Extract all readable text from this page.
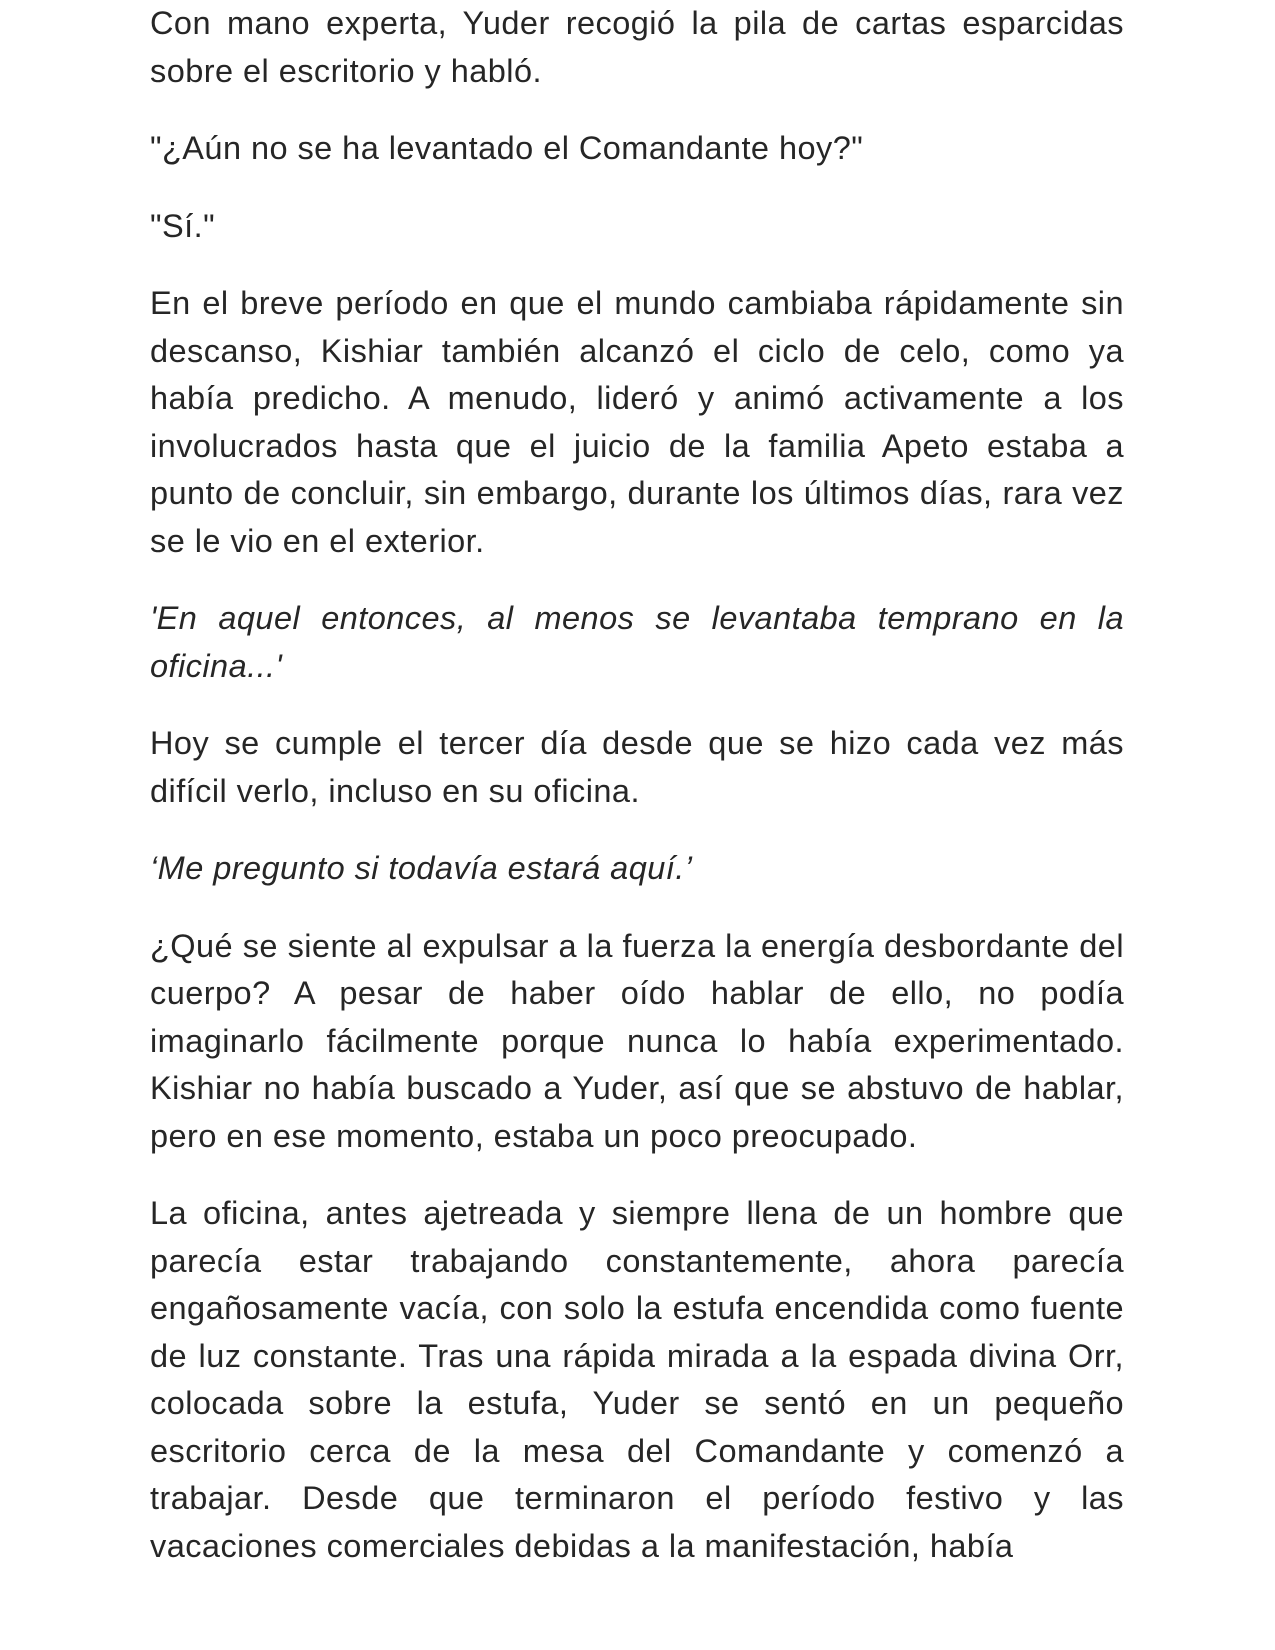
Con mano experta, Yuder recogió la pila de cartas esparcidas sobre el escritorio y habló.

"¿Aún no se ha levantado el Comandante hoy?"

"Sí."

En el breve período en que el mundo cambiaba rápidamente sin descanso, Kishiar también alcanzó el ciclo de celo, como ya había predicho. A menudo, lideró y animó activamente a los involucrados hasta que el juicio de la familia Apeto estaba a punto de concluir, sin embargo, durante los últimos días, rara vez se le vio en el exterior.

'En aquel entonces, al menos se levantaba temprano en la oficina...'

Hoy se cumple el tercer día desde que se hizo cada vez más difícil verlo, incluso en su oficina.

‘Me pregunto si todavía estará aquí.’

¿Qué se siente al expulsar a la fuerza la energía desbordante del cuerpo? A pesar de haber oído hablar de ello, no podía imaginarlo fácilmente porque nunca lo había experimentado. Kishiar no había buscado a Yuder, así que se abstuvo de hablar, pero en ese momento, estaba un poco preocupado.

La oficina, antes ajetreada y siempre llena de un hombre que parecía estar trabajando constantemente, ahora parecía engañosamente vacía, con solo la estufa encendida como fuente de luz constante. Tras una rápida mirada a la espada divina Orr, colocada sobre la estufa, Yuder se sentó en un pequeño escritorio cerca de la mesa del Comandante y comenzó a trabajar. Desde que terminaron el período festivo y las vacaciones comerciales debidas a la manifestación, había
